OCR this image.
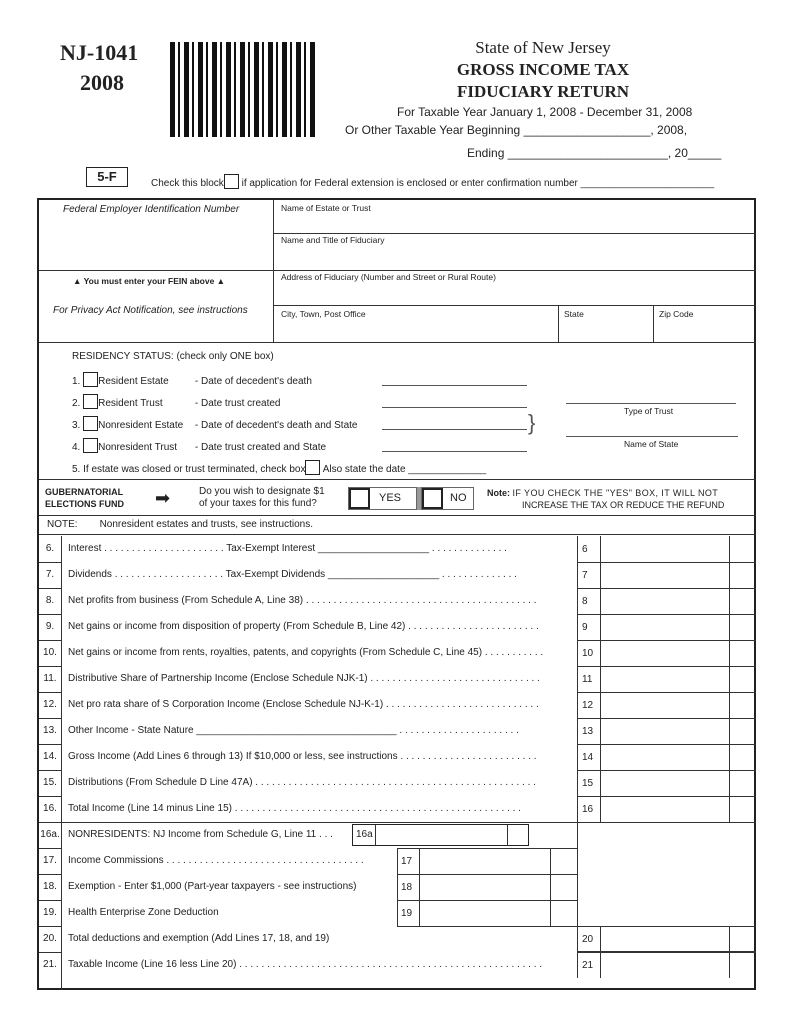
NJ-1041
2008
State of New Jersey
GROSS INCOME TAX
FIDUCIARY RETURN
For Taxable Year January 1, 2008 - December 31, 2008
Or Other Taxable Year Beginning ___________________, 2008,
Ending ________________________, 20_____
5-F	Check this block if application for Federal extension is enclosed or enter confirmation number ________________________
Federal Employer Identification Number
▲ You must enter your FEIN above ▲
For Privacy Act Notification, see instructions
Name of Estate or Trust
Name and Title of Fiduciary
Address of Fiduciary (Number and Street or Rural Route)
City, Town, Post Office	State	Zip Code
RESIDENCY STATUS: (check only ONE box)
1. Resident Estate	- Date of decedent's death
2. Resident Trust	- Date trust created
3. Nonresident Estate - Date of decedent's death and State
4. Nonresident Trust - Date trust created and State
}	Type of Trust
Name of State
5. If estate was closed or trust terminated, check box Also state the date ______________
GUBERNATORIAL
ELECTIONS FUND ➡	Do you wish to designate $1
of your taxes for this fund?	YES	NO Note: IF YOU CHECK THE "YES" BOX, IT WILL NOT
INCREASE THE TAX OR REDUCE THE REFUND
NOTE: Nonresident estates and trusts, see instructions.
6.	Interest . . . . . . . . . . . . . . . . . . . . . . Tax-Exempt Interest ____________________ . . . . . . . . . . . . . .	6
7.	Dividends . . . . . . . . . . . . . . . . . . . . Tax-Exempt Dividends ____________________ . . . . . . . . . . . . . .	7
8.	Net profits from business (From Schedule A, Line 38) . . . . . . . . . . . . . . . . . . . . . . . . . . . . . . . . . . . . . . . . . .	8
9.	Net gains or income from disposition of property (From Schedule B, Line 42) . . . . . . . . . . . . . . . . . . . . . . . .	9
10.	Net gains or income from rents, royalties, patents, and copyrights (From Schedule C, Line 45) . . . . . . . . . . .	10
11.	Distributive Share of Partnership Income (Enclose Schedule NJK-1) . . . . . . . . . . . . . . . . . . . . . . . . . . . . . . .	11
12.	Net pro rata share of S Corporation Income (Enclose Schedule NJ-K-1) . . . . . . . . . . . . . . . . . . . . . . . . . . . .	12
13.	Other Income - State Nature ____________________________________ . . . . . . . . . . . . . . . . . . . . . .	13
14.	Gross Income (Add Lines 6 through 13) If $10,000 or less, see instructions . . . . . . . . . . . . . . . . . . . . . . . . .	14
15.	Distributions (From Schedule D Line 47A) . . . . . . . . . . . . . . . . . . . . . . . . . . . . . . . . . . . . . . . . . . . . . . . . . . .	15
16.	Total Income (Line 14 minus Line 15) . . . . . . . . . . . . . . . . . . . . . . . . . . . . . . . . . . . . . . . . . . . . . . . . . . . .	16
16a. NONRESIDENTS: NJ Income from Schedule G, Line 11 . . .	16a
17.	Income Commissions . . . . . . . . . . . . . . . . . . . . . . . . . . . . . . . . . . . .	17
18.	Exemption - Enter $1,000 (Part-year taxpayers - see instructions)	18
19.	Health Enterprise Zone Deduction	19
20.	Total deductions and exemption (Add Lines 17, 18, and 19)	20
21.	Taxable Income (Line 16 less Line 20) . . . . . . . . . . . . . . . . . . . . . . . . . . . . . . . . . . . . . . . . . . . . . . . . . . . . . . .	21
